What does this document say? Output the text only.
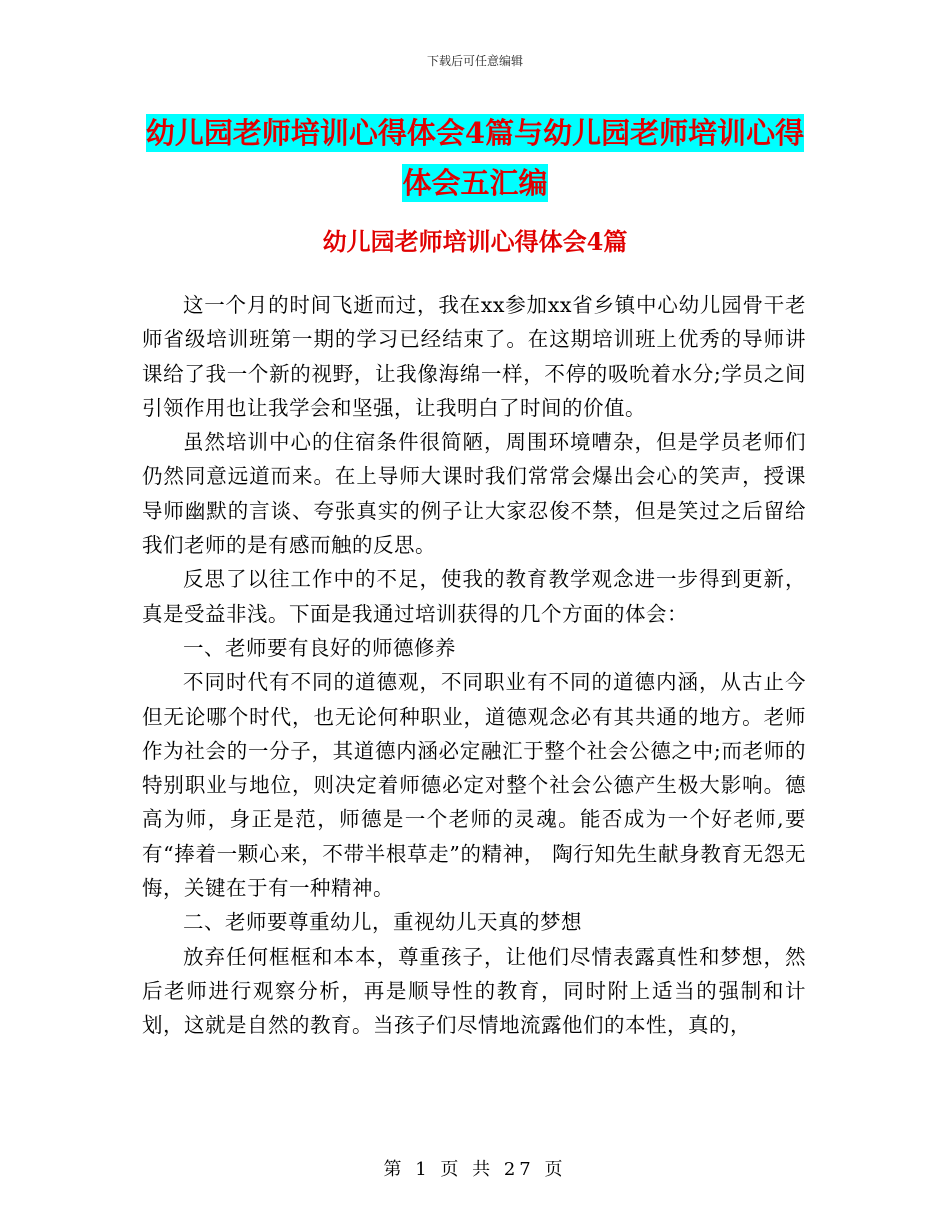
下载后可任意编辑
幼儿园老师培训心得体会4篇与幼儿园老师培训心得
体会五汇编
幼儿园老师培训心得体会4篇

这一个月的时间飞逝而过，我在xx参加xx省乡镇中心幼儿园骨干老师省级培训班第一期的学习已经结束了。在这期培训班上优秀的导师讲课给了我一个新的视野，让我像海绵一样，不停的吸吮着水分;学员之间引领作用也让我学会和坚强，让我明白了时间的价值。

虽然培训中心的住宿条件很简陋，周围环境嘈杂，但是学员老师们仍然同意远道而来。在上导师大课时我们常常会爆出会心的笑声，授课导师幽默的言谈、夸张真实的例子让大家忍俊不禁，但是笑过之后留给我们老师的是有感而触的反思。

反思了以往工作中的不足，使我的教育教学观念进一步得到更新，真是受益非浅。下面是我通过培训获得的几个方面的体会：

一、老师要有良好的师德修养

不同时代有不同的道德观，不同职业有不同的道德内涵，从古止今但无论哪个时代，也无论何种职业，道德观念必有其共通的地方。老师作为社会的一分子，其道德内涵必定融汇于整个社会公德之中;而老师的特别职业与地位，则决定着师德必定对整个社会公德产生极大影响。德高为师，身正是范，师德是一个老师的灵魂。能否成为一个好老师,要有“捧着一颗心来，不带半根草走”的精神， 陶行知先生献身教育无怨无悔，关键在于有一种精神。

二、老师要尊重幼儿，重视幼儿天真的梦想

放弃任何框框和本本，尊重孩子，让他们尽情表露真性和梦想，然后老师进行观察分析，再是顺导性的教育，同时附上适当的强制和计划，这就是自然的教育。当孩子们尽情地流露他们的本性，真的，

第 1 页 共 27 页
